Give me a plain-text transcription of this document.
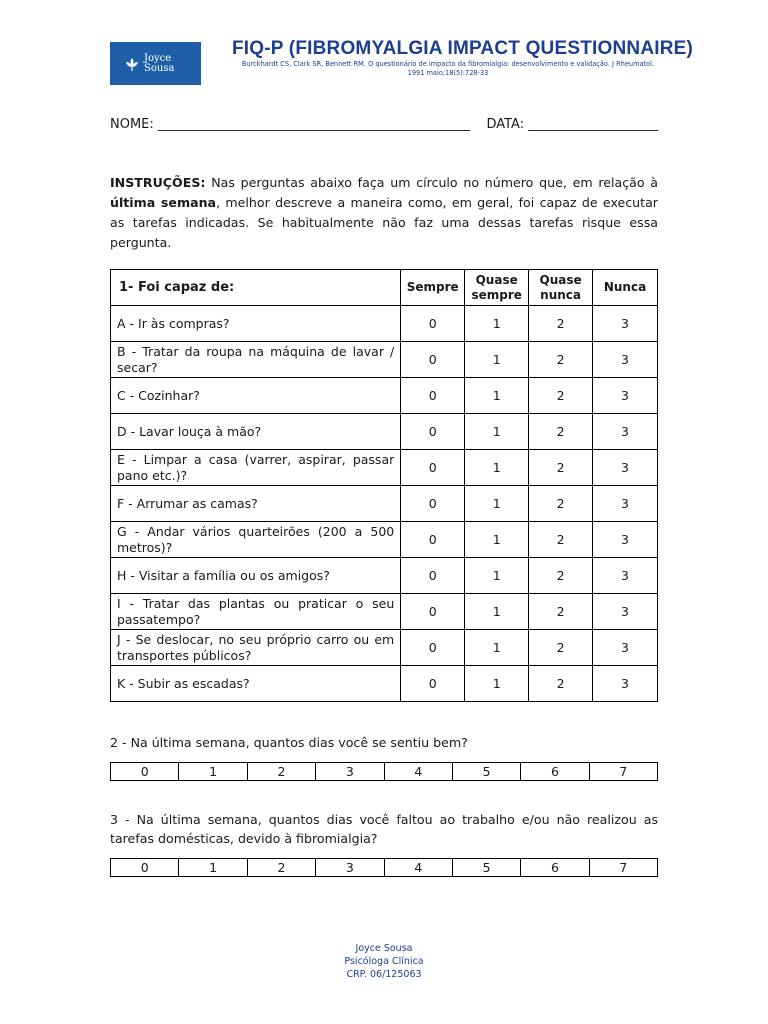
Joyce
Sousa
FIQ-P (FIBROMYALGIA IMPACT QUESTIONNAIRE)
Burckhardt CS, Clark SR, Bennett RM. O questionário de impacto da fibromialgia: desenvolvimento e validação. J Rheumatol. 1991 maio;18(5):728-33
NOME: ________________________________________________ DATA: ____________________
INSTRUÇÕES: Nas perguntas abaixo faça um círculo no número que, em relação à última semana, melhor descreve a maneira como, em geral, foi capaz de executar as tarefas indicadas. Se habitualmente não faz uma dessas tarefas risque essa pergunta.
1- Foi capaz de:	Sempre	Quase sempre	Quase nunca	Nunca
A - Ir às compras?	0	1	2	3
B - Tratar da roupa na máquina de lavar / secar?	0	1	2	3
C - Cozinhar?	0	1	2	3
D - Lavar louça à mão?	0	1	2	3
E - Limpar a casa (varrer, aspirar, passar pano etc.)?	0	1	2	3
F - Arrumar as camas?	0	1	2	3
G - Andar vários quarteirões (200 a 500 metros)?	0	1	2	3
H - Visitar a família ou os amigos?	0	1	2	3
I - Tratar das plantas ou praticar o seu passatempo?	0	1	2	3
J - Se deslocar, no seu próprio carro ou em transportes públicos?	0	1	2	3
K - Subir as escadas?	0	1	2	3
2 - Na última semana, quantos dias você se sentiu bem?
0	1	2	3	4	5	6	7
3 - Na última semana, quantos dias você faltou ao trabalho e/ou não realizou as tarefas domésticas, devido à fibromialgia?
0	1	2	3	4	5	6	7
Joyce Sousa
Psicóloga Clínica
CRP. 06/125063
